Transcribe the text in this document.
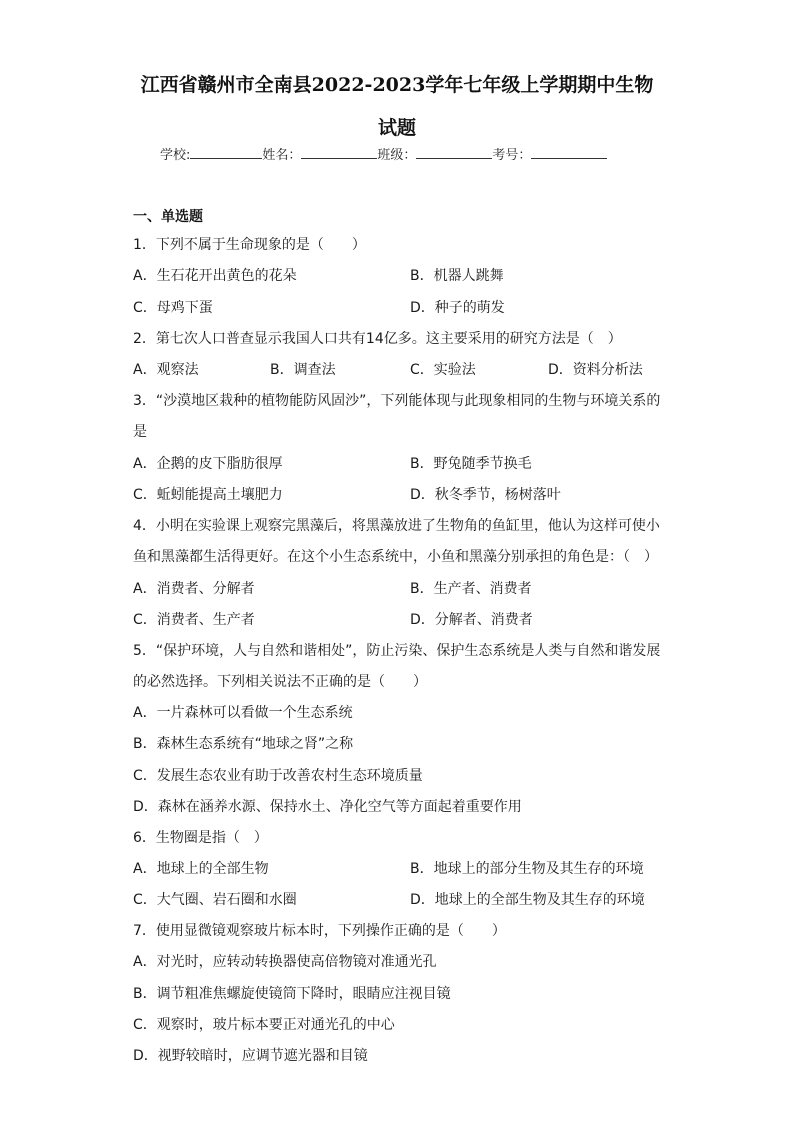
江西省赣州市全南县2022-2023学年七年级上学期期中生物
试题
学校:	姓名：	班级：	考号：
一、单选题
1．下列不属于生命现象的是（　　）
A．生石花开出黄色的花朵	B．机器人跳舞
C．母鸡下蛋	D．种子的萌发
2．第七次人口普查显示我国人口共有14亿多。这主要采用的研究方法是（　）
A．观察法	B．调查法	C．实验法	D．资料分析法
3．“沙漠地区栽种的植物能防风固沙”，下列能体现与此现象相同的生物与环境关系的
是
A．企鹅的皮下脂肪很厚	B．野兔随季节换毛
C．蚯蚓能提高土壤肥力	D．秋冬季节，杨树落叶
4．小明在实验课上观察完黑藻后，将黑藻放进了生物角的鱼缸里，他认为这样可使小
鱼和黑藻都生活得更好。在这个小生态系统中，小鱼和黑藻分别承担的角色是：（　）
A．消费者、分解者	B．生产者、消费者
C．消费者、生产者	D．分解者、消费者
5．“保护环境，人与自然和谐相处”，防止污染、保护生态系统是人类与自然和谐发展
的必然选择。下列相关说法不正确的是（　　）
A．一片森林可以看做一个生态系统
B．森林生态系统有“地球之肾”之称
C．发展生态农业有助于改善农村生态环境质量
D．森林在涵养水源、保持水土、净化空气等方面起着重要作用
6．生物圈是指（　）
A．地球上的全部生物	B．地球上的部分生物及其生存的环境
C．大气圈、岩石圈和水圈	D．地球上的全部生物及其生存的环境
7．使用显微镜观察玻片标本时，下列操作正确的是（　　）
A．对光时，应转动转换器使高倍物镜对准通光孔
B．调节粗准焦螺旋使镜筒下降时，眼睛应注视目镜
C．观察时，玻片标本要正对通光孔的中心
D．视野较暗时，应调节遮光器和目镜
